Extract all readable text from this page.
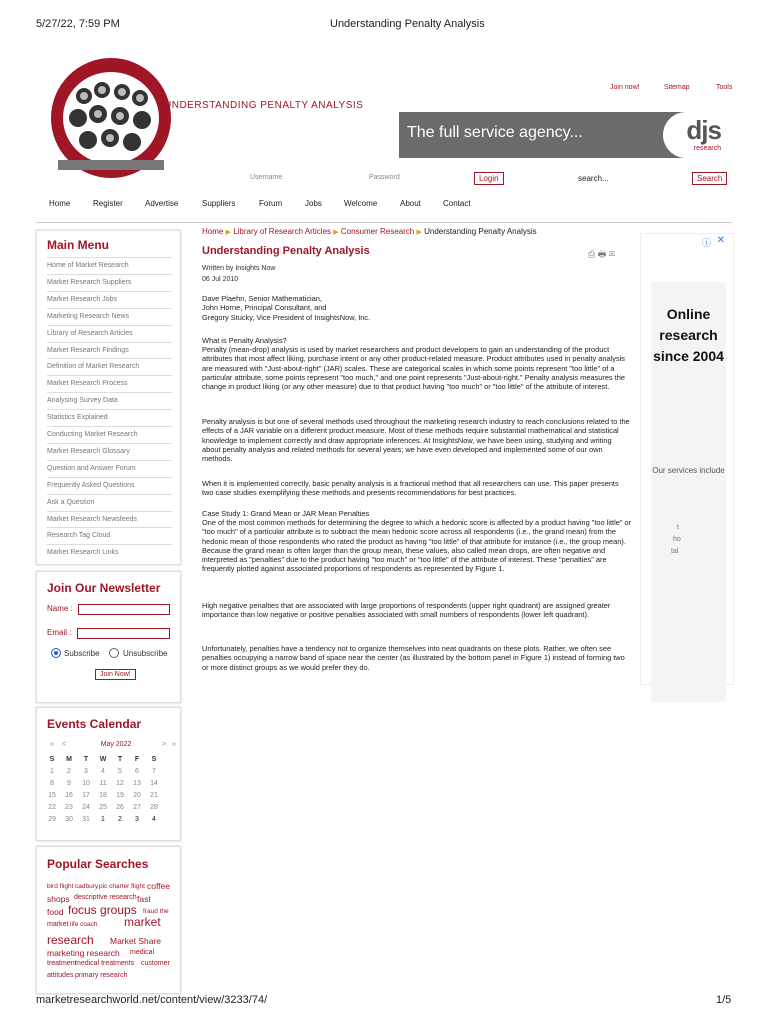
5/27/22, 7:59 PM	Understanding Penalty Analysis
marketresearchworld.net/content/view/3233/74/	1/5
UNDERSTANDING PENALTY ANALYSIS
Join now!	Sitemap	Tools
The full service agency...	djs
research
Username	Password	Login	search...	Search
Home	Register	Advertise	Suppliers	Forum	Jobs	Welcome	About	Contact
Main Menu
Home of Market Research
Market Research Suppliers
Market Research Jobs
Marketing Research News
Library of Research Articles
Market Research Findings
Definition of Market Research
Market Research Process
Analysing Survey Data
Statistics Explained
Conducting Market Research
Market Research Glossary
Question and Answer Forum
Frequently Asked Questions
Ask a Question
Market Research Newsfeeds
Research Tag Cloud
Market Research Links
Join Our Newsletter
Name :
Email :
Subscribe	Unsubscribe
Join Now!
Events Calendar
«	<	May 2022	> »
S	M	T	W	T	F	S
1	2	3	4	5	6	7
8	9	10	11	12	13	14
15	16	17	18	19	20	21
22	23	24	25	26	27	28
29	30	31	1	2	3	4
Popular Searches
bird flight cadbury pic charter flight coffee
shops descriptive research fast
food focus groups fraud the
market life coach market
research Market Share
marketing research medical
treatment
medical treatments customer
attitudes primary research
Home ▶ Library of Research Articles ▶ Consumer Research ▶ Understanding Penalty Analysis
Understanding Penalty Analysis	⎙ 🖶 ✉
Written by Insights Now
06 Jul 2010

Dave Plaehn, Senior Mathematician,

John Horne, Principal Consultant, and

Gregory Stucky, Vice President of InsightsNow, Inc.

What is Penalty Analysis?
Penalty (mean-drop) analysis is used by market researchers and product developers to gain an understanding of the product attributes that most affect liking, purchase intent or any other product-related measure. Product attributes used in penalty analysis are measured with "Just-about-right" (JAR) scales. These are categorical scales in which some points represent "too little" of a particular attribute, some points represent "too much," and one point represents "Just-about-right." Penalty analysis measures the change in product liking (or any other measure) due to that product having "too much" or "too little" of the attribute of interest.
Penalty analysis is but one of several methods used throughout the marketing research industry to reach conclusions related to the effects of a JAR variable on a different product measure. Most of these methods require substantial mathematical and statistical knowledge to implement correctly and draw appropriate inferences. At InsightsNow, we have been using, studying and writing about penalty analysis and related methods for several years; we have even developed and implemented some of our own methods.
When it is implemented correctly, basic penalty analysis is a fractional method that all researchers can use. This paper presents two case studies exemplifying these methods and presents recommendations for best practices.
Case Study 1: Grand Mean or JAR Mean Penalties
One of the most common methods for determining the degree to which a hedonic score is affected by a product having "too little" or "too much" of a particular attribute is to subtract the mean hedonic score across all respondents (i.e., the grand mean) from the hedonic mean of those respondents who rated the product as having "too little" of that attribute for instance (i.e., the group mean). Because the grand mean is often larger than the group mean, these values, also called mean drops, are often negative and interpreted as "penalties" due to the product having "too much" or "too little" of the attribute of interest. These "penalties" are frequently plotted against associated proportions of respondents as represented by Figure 1.
High negative penalties that are associated with large proportions of respondents (upper right quadrant) are assigned greater importance than low negative or positive penalties associated with small numbers of respondents (lower left quadrant).
Unfortunately, penalties have a tendency not to organize themselves into neat quadrants on these plots. Rather, we often see penalties occupying a narrow band of space near the center (as illustrated by the bottom panel in Figure 1) instead of forming two or more distinct groups as we would prefer they do.
ⓘ ✕
Online research since 2004
Our services include
t
ho
tal
